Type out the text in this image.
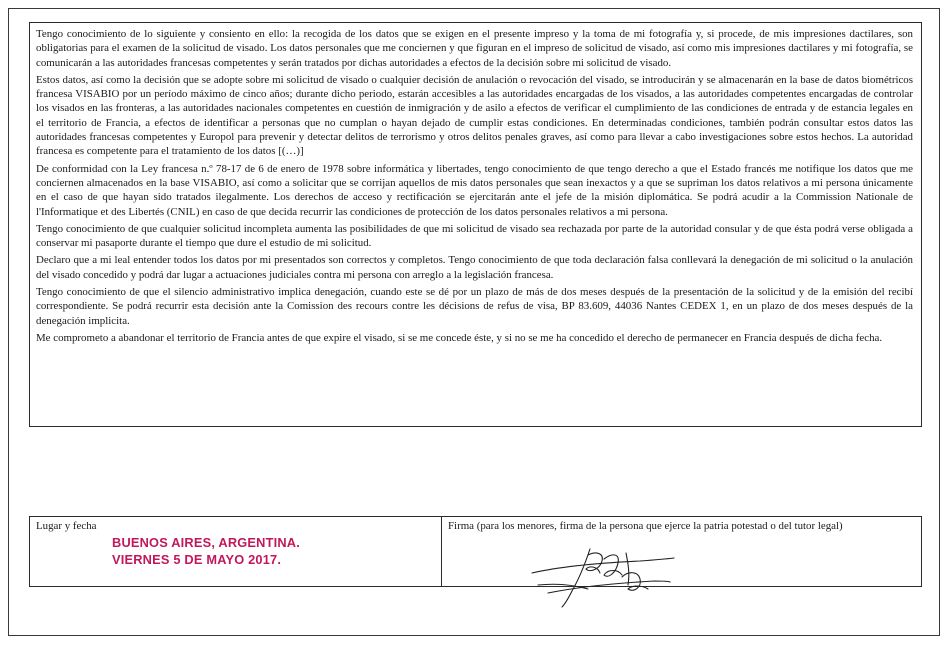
Tengo conocimiento de lo siguiente y consiento en ello: la recogida de los datos que se exigen en el presente impreso y la toma de mi fotografía y, si procede, de mis impresiones dactilares, son obligatorias para el examen de la solicitud de visado. Los datos personales que me conciernen y que figuran en el impreso de solicitud de visado, así como mis impresiones dactilares y mi fotografía, se comunicarán a las autoridades francesas competentes y serán tratados por dichas autoridades a efectos de la decisión sobre mi solicitud de visado.

Estos datos, así como la decisión que se adopte sobre mi solicitud de visado o cualquier decisión de anulación o revocación del visado, se introducirán y se almacenarán en la base de datos biométricos francesa VISABIO por un período máximo de cinco años; durante dicho periodo, estarán accesibles a las autoridades encargadas de los visados, a las autoridades competentes encargadas de controlar los visados en las fronteras, a las autoridades nacionales competentes en cuestión de inmigración y de asilo a efectos de verificar el cumplimiento de las condiciones de entrada y de estancia legales en el territorio de Francia, a efectos de identificar a personas que no cumplan o hayan dejado de cumplir estas condiciones. En determinadas condiciones, también podrán consultar estos datos las autoridades francesas competentes y Europol para prevenir y detectar delitos de terrorismo y otros delitos penales graves, así como para llevar a cabo investigaciones sobre estos hechos. La autoridad francesa es competente para el tratamiento de los datos [(…)]

De conformidad con la Ley francesa n.º 78-17 de 6 de enero de 1978 sobre informática y libertades, tengo conocimiento de que tengo derecho a que el Estado francés me notifique los datos que me conciernen almacenados en la base VISABIO, así como a solicitar que se corrijan aquellos de mis datos personales que sean inexactos y a que se supriman los datos relativos a mi persona únicamente en el caso de que hayan sido tratados ilegalmente. Los derechos de acceso y rectificación se ejercitarán ante el jefe de la misión diplomática. Se podrá acudir a la Commission Nationale de l'Informatique et des Libertés (CNIL) en caso de que decida recurrir las condiciones de protección de los datos personales relativos a mi persona.

Tengo conocimiento de que cualquier solicitud incompleta aumenta las posibilidades de que mi solicitud de visado sea rechazada por parte de la autoridad consular y de que ésta podrá verse obligada a conservar mi pasaporte durante el tiempo que dure el estudio de mi solicitud.

Declaro que a mi leal entender todos los datos por mi presentados son correctos y completos. Tengo conocimiento de que toda declaración falsa conllevará la denegación de mi solicitud o la anulación del visado concedido y podrá dar lugar a actuaciones judiciales contra mi persona con arreglo a la legislación francesa.

Tengo conocimiento de que el silencio administrativo implica denegación, cuando este se dé por un plazo de más de dos meses después de la presentación de la solicitud y de la emisión del recibí correspondiente. Se podrá recurrir esta decisión ante la Comission des recours contre les décisions de refus de visa, BP 83.609, 44036 Nantes CEDEX 1, en un plazo de dos meses después de la denegación implicita.

Me comprometo a abandonar el territorio de Francia antes de que expire el visado, si se me concede éste, y si no se me ha concedido el derecho de permanecer en Francia después de dicha fecha.

Lugar y fecha
BUENOS AIRES, ARGENTINA.
VIERNES 5 DE MAYO 2017.
Firma (para los menores, firma de la persona que ejerce la patria potestad o del tutor legal)
